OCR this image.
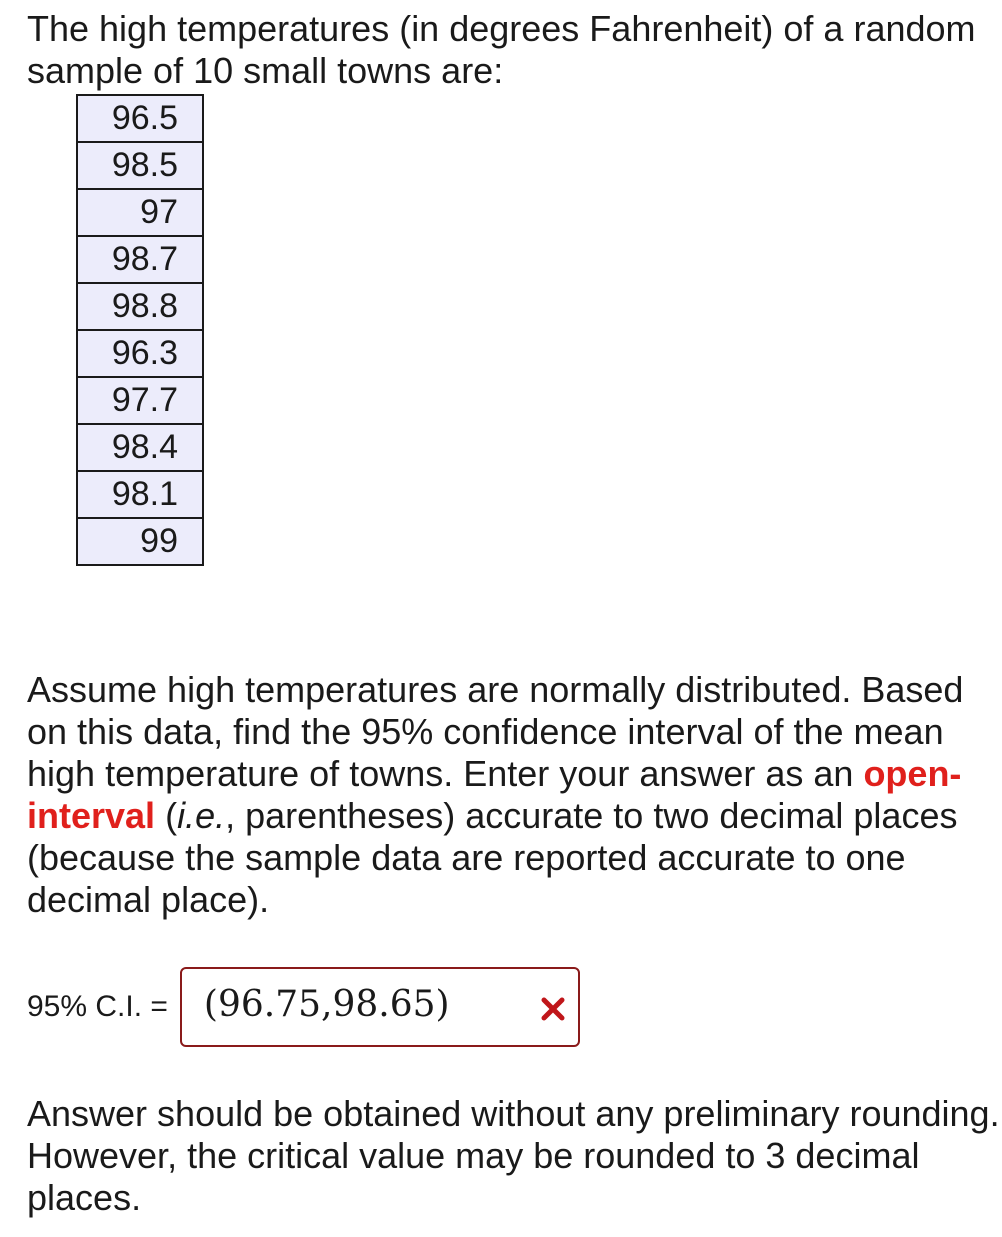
The high temperatures (in degrees Fahrenheit) of a random sample of 10 small towns are:

96.5
98.5
97
98.7
98.8
96.3
97.7
98.4
98.1
99

Assume high temperatures are normally distributed. Based on this data, find the 95% confidence interval of the mean high temperature of towns. Enter your answer as an open-interval (i.e., parentheses) accurate to two decimal places (because the sample data are reported accurate to one decimal place).

95% C.I. = (96.75,98.65)

Answer should be obtained without any preliminary rounding. However, the critical value may be rounded to 3 decimal places.
